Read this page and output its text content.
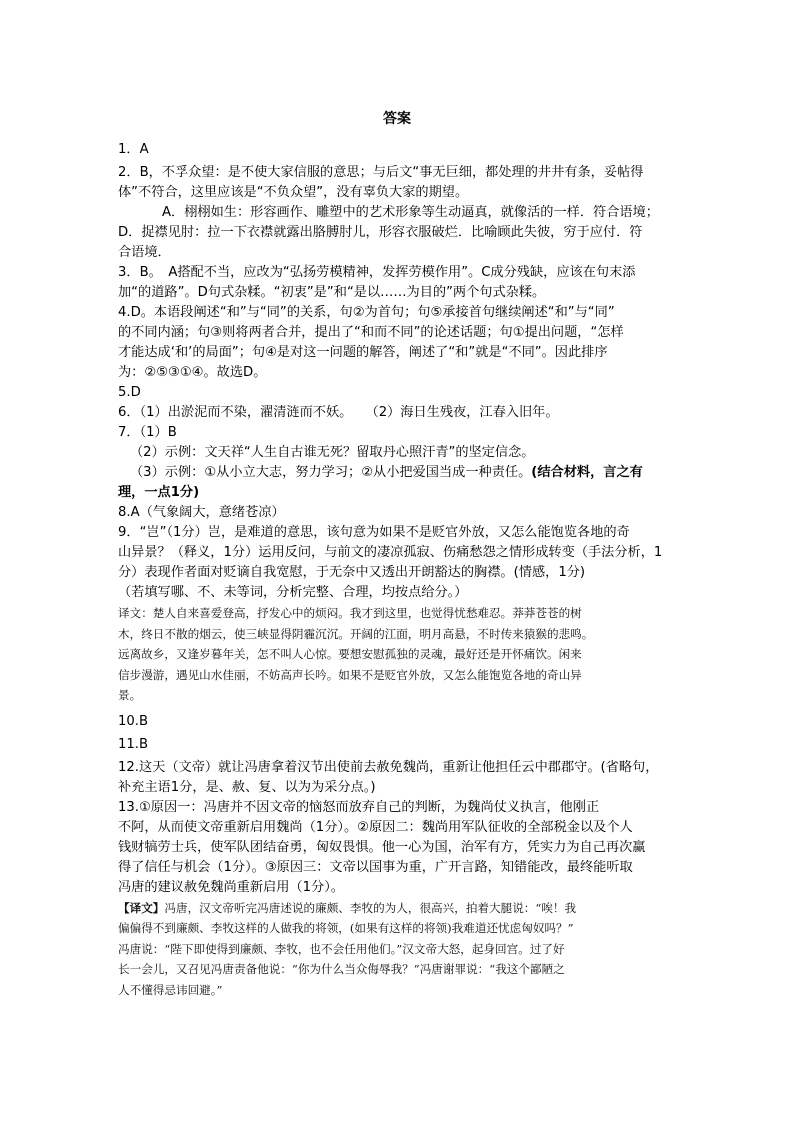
答案
1．A
2．B，不孚众望：是不使大家信服的意思；与后文“事无巨细，都处理的井井有条，妥帖得
体”不符合，这里应该是“不负众望”，没有辜负大家的期望。
A．栩栩如生：形容画作、雕塑中的艺术形象等生动逼真，就像活的一样．符合语境；
D．捉襟见肘：拉一下衣襟就露出胳膊肘儿，形容衣服破烂．比喻顾此失彼，穷于应付．符
合语境．
3．B。　A搭配不当，应改为“弘扬劳模精神，发挥劳模作用”。C成分残缺，应该在句末添
加“的道路”。D句式杂糅。“初衷”是”和“是以……为目的”两个句式杂糅。
4.D。本语段阐述“和”与“同”的关系，句②为首句；句⑤承接首句继续阐述“和”与“同”
的不同内涵；句③则将两者合并，提出了“和而不同”的论述话题；句①提出问题，“怎样
才能达成‘和’的局面”；句④是对这一问题的解答，阐述了“和”就是“不同”。因此排序
为：②⑤③①④。故选D。
5.D
6．（1）出淤泥而不染，濯清涟而不妖。　　（2）海日生残夜，江春入旧年。
7．（1）B
（2）示例：文天祥“人生自古谁无死？留取丹心照汗青”的坚定信念。
（3）示例：①从小立大志，努力学习；②从小把爱国当成一种责任。(结合材料，言之有
理，一点1分)
8.A（气象阔大，意绪苍凉）
9．“岂”（1分）岂，是难道的意思，该句意为如果不是贬官外放，又怎么能饱览各地的奇
山异景？（释义，1分）运用反问，与前文的凄凉孤寂、伤痛愁怨之情形成转变（手法分析，1
分）表现作者面对贬谪自我宽慰，于无奈中又透出开朗豁达的胸襟。(情感，1分)
（若填写哪、不、未等词，分析完整、合理，均按点给分。）
译文：楚人自来喜爱登高，抒发心中的烦闷。我才到这里，也觉得忧愁难忍。莽莽苍苍的树
木，终日不散的烟云，使三峡显得阴霾沉沉。开阔的江面，明月高悬，不时传来猿猴的悲鸣。
远离故乡，又逢岁暮年关，怎不叫人心惊。要想安慰孤独的灵魂，最好还是开怀痛饮。闲来
信步漫游，遇见山水佳丽，不妨高声长吟。如果不是贬官外放，又怎么能饱览各地的奇山异
景。
10.B
11.B
12.这天（文帝）就让冯唐拿着汉节出使前去赦免魏尚，重新让他担任云中郡郡守。(省略句，
补充主语1分，是、赦、复、以为为采分点。)
13.①原因一：冯唐并不因文帝的恼怒而放弃自己的判断，为魏尚仗义执言，他刚正
不阿，从而使文帝重新启用魏尚（1分）。②原因二：魏尚用军队征收的全部税金以及个人
钱财犒劳士兵，使军队团结奋勇，匈奴畏惧。他一心为国，治军有方，凭实力为自己再次赢
得了信任与机会（1分）。③原因三：文帝以国事为重，广开言路，知错能改，最终能听取
冯唐的建议赦免魏尚重新启用（1分）。
【译文】冯唐，汉文帝听完冯唐述说的廉颇、李牧的为人，很高兴，拍着大腿说：“唉！我
偏偏得不到廉颇、李牧这样的人做我的将领，(如果有这样的将领)我难道还忧虑匈奴吗？”
冯唐说：“陛下即使得到廉颇、李牧，也不会任用他们。”汉文帝大怒，起身回宫。过了好
长一会儿，又召见冯唐责备他说：“你为什么当众侮辱我？”冯唐谢罪说：“我这个鄙陋之
人不懂得忌讳回避。”
